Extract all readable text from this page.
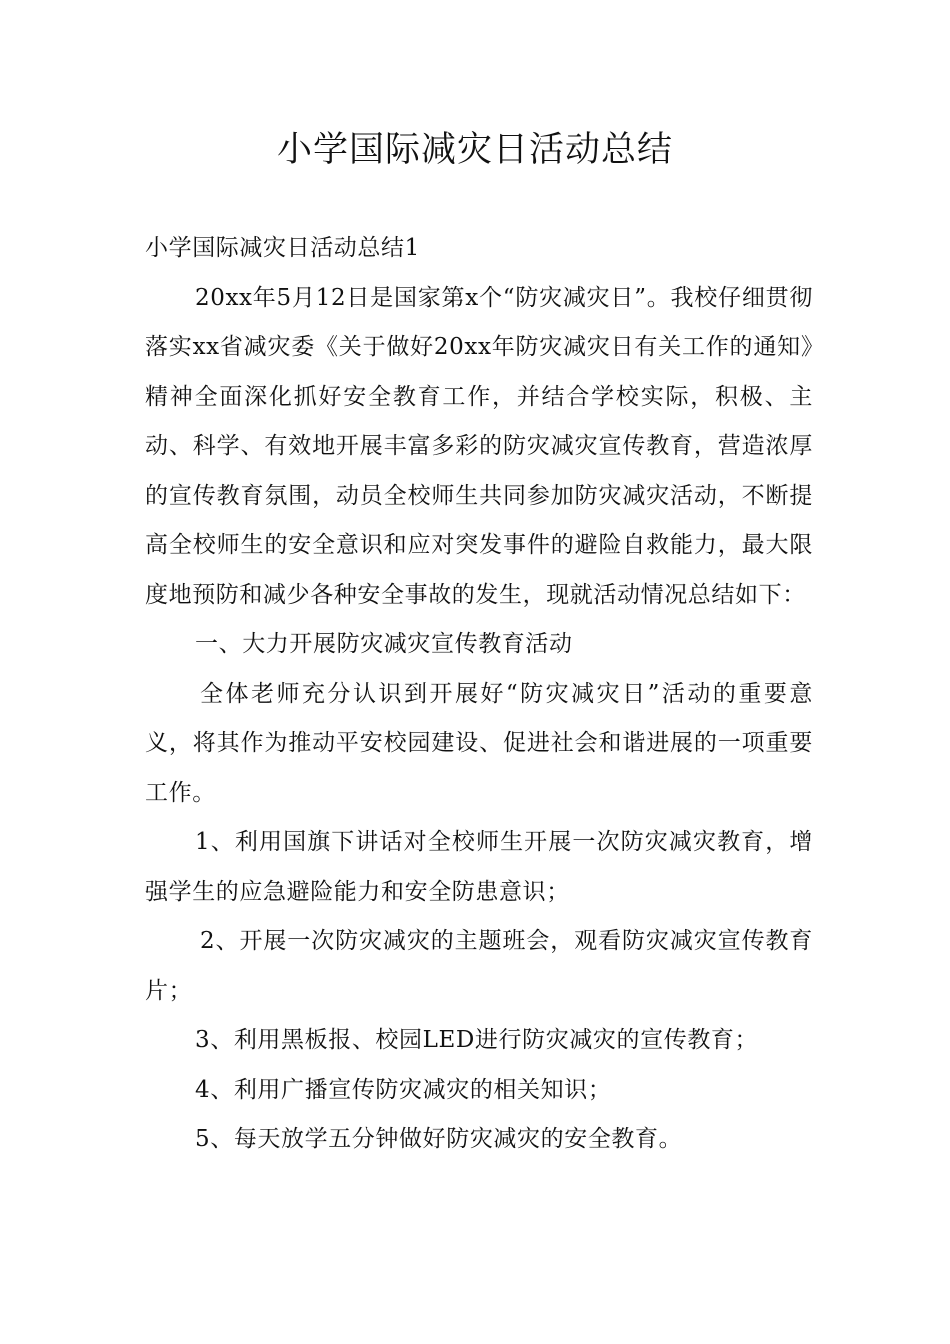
小学国际减灾日活动总结

小学国际减灾日活动总结1

20xx年5月12日是国家第x个“防灾减灾日”。我校仔细贯彻落实xx省减灾委《关于做好20xx年防灾减灾日有关工作的通知》精神全面深化抓好安全教育工作，并结合学校实际，积极、主动、科学、有效地开展丰富多彩的防灾减灾宣传教育，营造浓厚的宣传教育氛围，动员全校师生共同参加防灾减灾活动，不断提高全校师生的安全意识和应对突发事件的避险自救能力，最大限度地预防和减少各种安全事故的发生，现就活动情况总结如下：

一、大力开展防灾减灾宣传教育活动

全体老师充分认识到开展好“防灾减灾日”活动的重要意义，将其作为推动平安校园建设、促进社会和谐进展的一项重要工作。

1、利用国旗下讲话对全校师生开展一次防灾减灾教育，增强学生的应急避险能力和安全防患意识；

2、开展一次防灾减灾的主题班会，观看防灾减灾宣传教育片；

3、利用黑板报、校园LED进行防灾减灾的宣传教育；

4、利用广播宣传防灾减灾的相关知识；

5、每天放学五分钟做好防灾减灾的安全教育。
